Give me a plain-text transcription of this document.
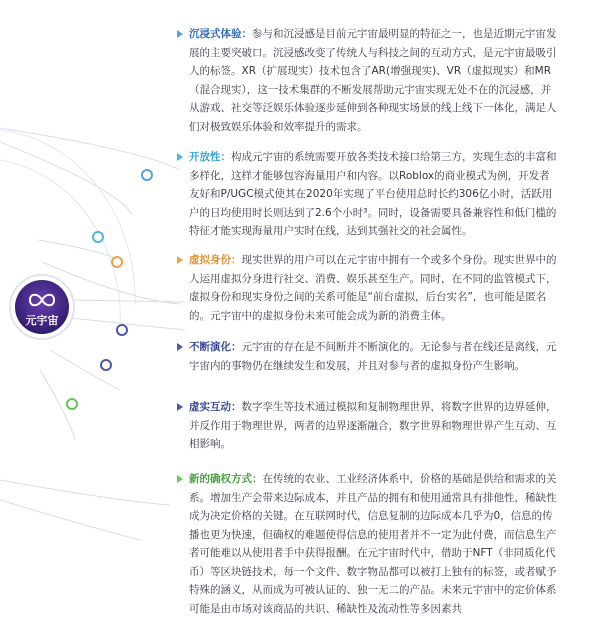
元宇宙
沉浸式体验：参与和沉浸感是目前元宇宙最明显的特征之一，也是近期元宇宙发展的主要突破口。沉浸感改变了传统人与科技之间的互动方式，是元宇宙最吸引人的标签。XR（扩展现实）技术包含了AR(增强现实)、VR（虚拟现实）和MR（混合现实），这一技术集群的不断发展帮助元宇宙实现无处不在的沉浸感，并从游戏、社交等泛娱乐体验逐步延伸到各种现实场景的线上线下一体化，满足人们对极致娱乐体验和效率提升的需求。
开放性：构成元宇宙的系统需要开放各类技术接口给第三方，实现生态的丰富和多样化，这样才能够包容海量用户和内容。以Roblox的商业模式为例，开发者友好和P/UGC模式使其在2020年实现了平台使用总时长约306亿小时，活跃用户的日均使用时长则达到了2.6个小时³。同时，设备需要具备兼容性和低门槛的特征才能实现海量用户实时在线，达到其强社交的社会属性。
虚拟身份：现实世界的用户可以在元宇宙中拥有一个或多个身份。现实世界中的人运用虚拟分身进行社交、消费、娱乐甚至生产。同时，在不同的监管模式下，虚拟身份和现实身份之间的关系可能是“前台虚拟，后台实名”，也可能是匿名的。元宇宙中的虚拟身份未来可能会成为新的消费主体。
不断演化：元宇宙的存在是不间断并不断演化的。无论参与者在线还是离线，元宇宙内的事物仍在继续发生和发展，并且对参与者的虚拟身份产生影响。
虚实互动：数字孪生等技术通过模拟和复制物理世界，将数字世界的边界延伸，并反作用于物理世界，两者的边界逐渐融合，数字世界和物理世界产生互动、互相影响。
新的确权方式：在传统的农业、工业经济体系中，价格的基础是供给和需求的关系。增加生产会带来边际成本，并且产品的拥有和使用通常具有排他性，稀缺性成为决定价格的关键。在互联网时代，信息复制的边际成本几乎为0，信息的传播也更为快速，但确权的难题使得信息的使用者并不一定为此付费，而信息生产者可能难以从使用者手中获得报酬。在元宇宙时代中，借助于NFT（非同质化代币）等区块链技术，每一个文件、数字物品都可以被打上独有的标签，或者赋予特殊的涵义，从而成为可被认证的、独一无二的产品。未来元宇宙中的定价体系可能是由市场对该商品的共识、稀缺性及流动性等多因素共
